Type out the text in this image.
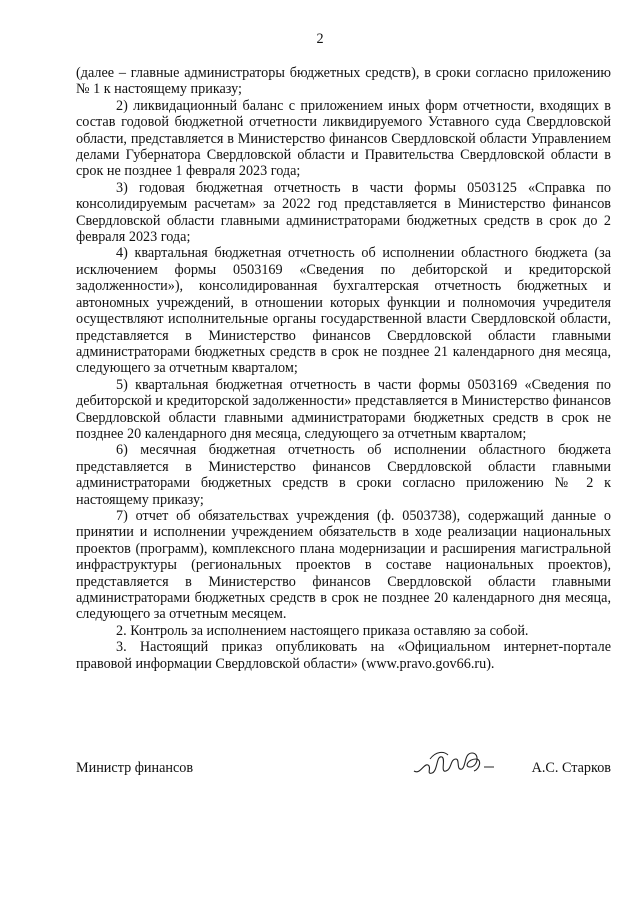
2

(далее – главные администраторы бюджетных средств), в сроки согласно приложению № 1 к настоящему приказу;

2) ликвидационный баланс с приложением иных форм отчетности, входящих в состав годовой бюджетной отчетности ликвидируемого Уставного суда Свердловской области, представляется в Министерство финансов Свердловской области Управлением делами Губернатора Свердловской области и Правительства Свердловской области в срок не позднее 1 февраля 2023 года;

3) годовая бюджетная отчетность в части формы 0503125 «Справка по консолидируемым расчетам» за 2022 год представляется в Министерство финансов Свердловской области главными администраторами бюджетных средств в срок до 2 февраля 2023 года;

4) квартальная бюджетная отчетность об исполнении областного бюджета (за исключением формы 0503169 «Сведения по дебиторской и кредиторской задолженности»), консолидированная бухгалтерская отчетность бюджетных и автономных учреждений, в отношении которых функции и полномочия учредителя осуществляют исполнительные органы государственной власти Свердловской области, представляется в Министерство финансов Свердловской области главными администраторами бюджетных средств в срок не позднее 21 календарного дня месяца, следующего за отчетным кварталом;

5) квартальная бюджетная отчетность в части формы 0503169 «Сведения по дебиторской и кредиторской задолженности» представляется в Министерство финансов Свердловской области главными администраторами бюджетных средств в срок не позднее 20 календарного дня месяца, следующего за отчетным кварталом;

6) месячная бюджетная отчетность об исполнении областного бюджета представляется в Министерство финансов Свердловской области главными администраторами бюджетных средств в сроки согласно приложению № 2 к настоящему приказу;

7) отчет об обязательствах учреждения (ф. 0503738), содержащий данные о принятии и исполнении учреждением обязательств в ходе реализации национальных проектов (программ), комплексного плана модернизации и расширения магистральной инфраструктуры (региональных проектов в составе национальных проектов), представляется в Министерство финансов Свердловской области главными администраторами бюджетных средств в срок не позднее 20 календарного дня месяца, следующего за отчетным месяцем.

2. Контроль за исполнением настоящего приказа оставляю за собой.

3. Настоящий приказ опубликовать на «Официальном интернет-портале правовой информации Свердловской области» (www.pravo.gov66.ru).

Министр финансов	А.С. Старков
